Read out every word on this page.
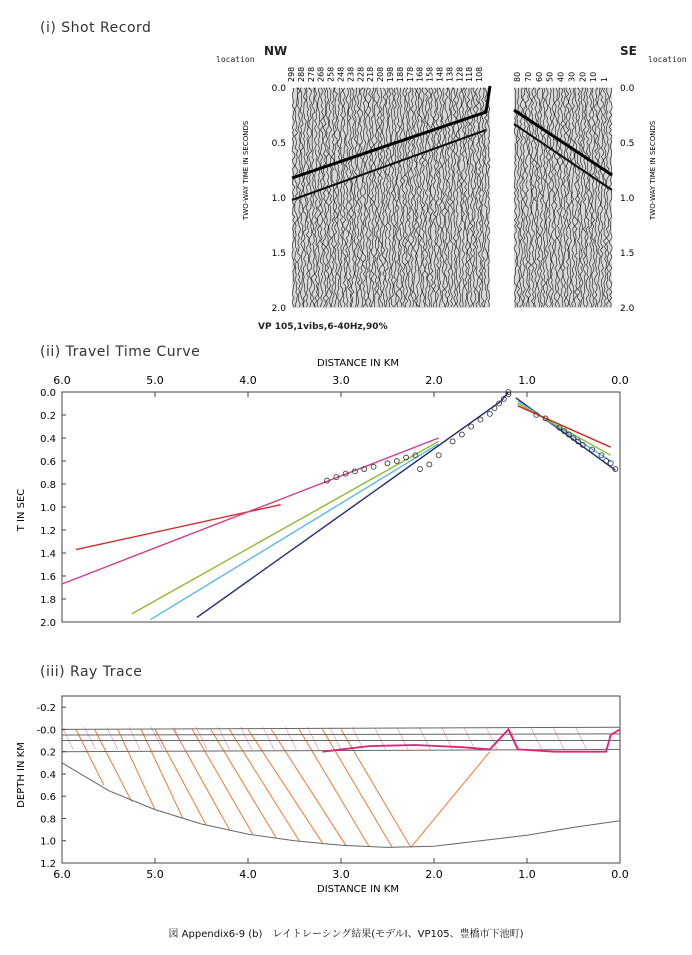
(i) Shot Record
location	location
NW	SE
VP 105,1vibs,6-40Hz,90%
298 288 278 268 258 248 238 228 218 208 198 188 178 168 158 148 138 128 118 108	80 70 60 50 40 30 20 10 1
0.0	0.0
0.5	0.5
1.0	1.0
1.5	1.5
2.0	2.0
TWO-WAY TIME IN SECONDS	TWO-WAY TIME IN SECONDS
(ii) Travel Time Curve
DISTANCE IN KM
T IN SEC
6.0	5.0	4.0	3.0	2.0	1.0	0.0
0.0
0.2
0.4
0.6
0.8
1.0
1.2
1.4
1.6
1.8
2.0
(iii) Ray Trace
DEPTH IN KM
DISTANCE IN KM
6.0	5.0	4.0	3.0	2.0	1.0	0.0
-0.2
-0.0
0.2
0.4
0.6
0.8
1.0
1.2
図 Appendix6-9 (b)　レイトレーシング結果(モデルⅠ、VP105、豊橋市下池町)
